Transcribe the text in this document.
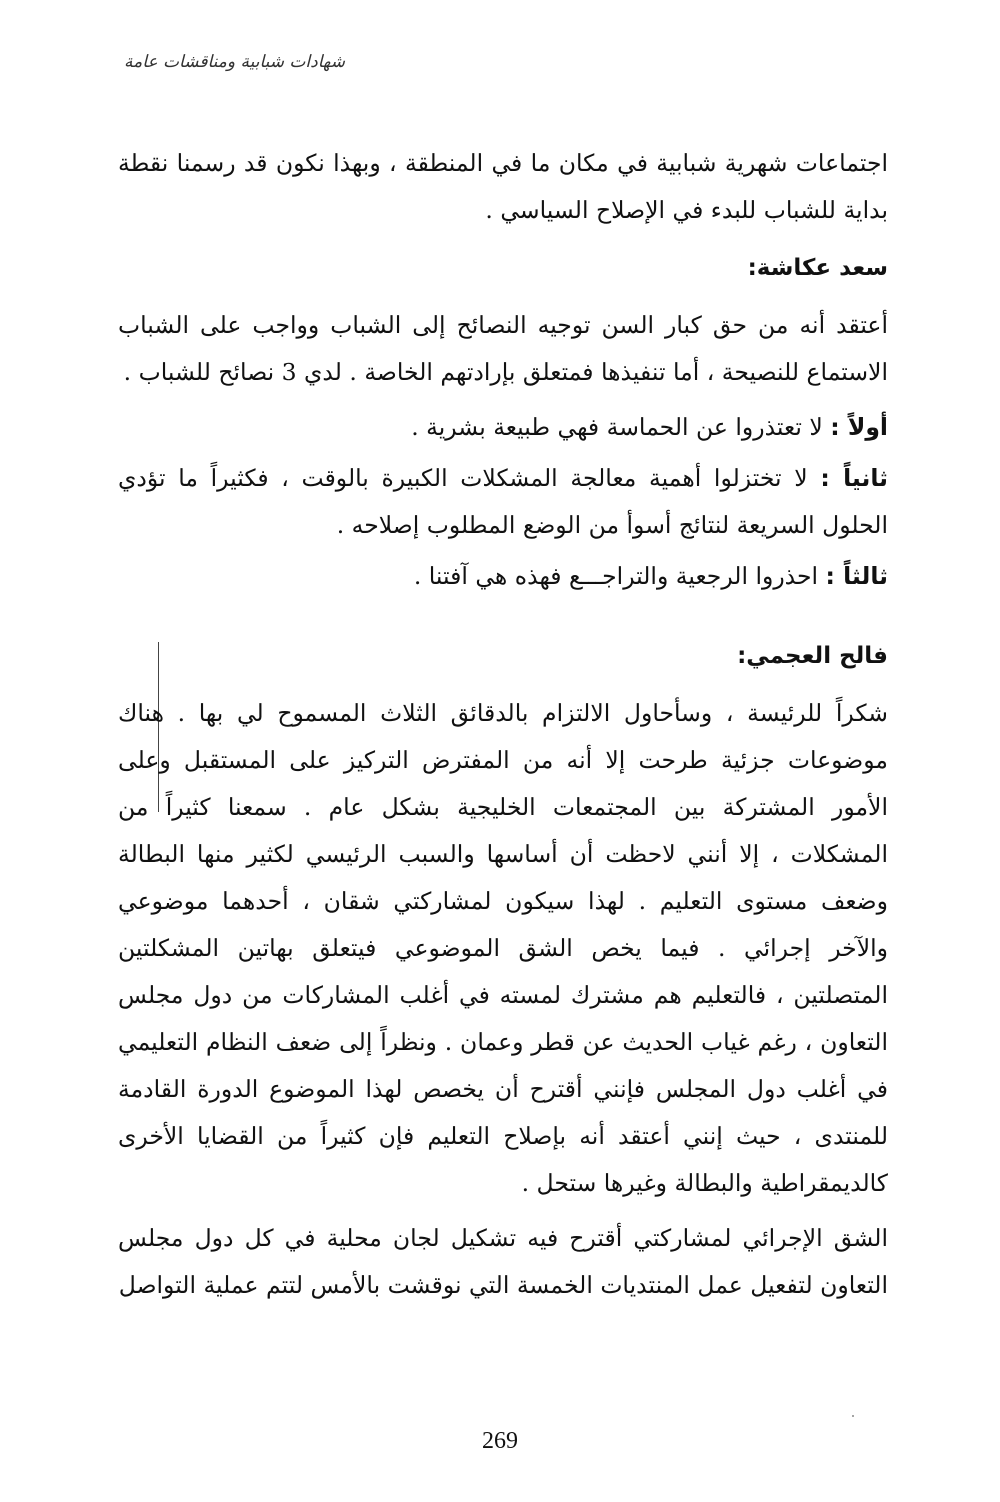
شهادات شبابية ومناقشات عامة

اجتماعات شهرية شبابية في مكان ما في المنطقة ، وبهذا نكون قد رسمنا نقطة بداية للشباب للبدء في الإصلاح السياسي .

سعد عكاشة:

أعتقد أنه من حق كبار السن توجيه النصائح إلى الشباب وواجب على الشباب الاستماع للنصيحة ، أما تنفيذها فمتعلق بإرادتهم الخاصة . لدي 3 نصائح للشباب .

أولاً : لا تعتذروا عن الحماسة فهي طبيعة بشرية .

ثانياً : لا تختزلوا أهمية معالجة المشكلات الكبيرة بالوقت ، فكثيراً ما تؤدي الحلول السريعة لنتائج أسوأ من الوضع المطلوب إصلاحه .

ثالثاً : احذروا الرجعية والتراجـــع فهذه هي آفتنا .

فالح العجمي:

شكراً للرئيسة ، وسأحاول الالتزام بالدقائق الثلاث المسموح لي بها . هناك موضوعات جزئية طرحت إلا أنه من المفترض التركيز على المستقبل وعلى الأمور المشتركة بين المجتمعات الخليجية بشكل عام . سمعنا كثيراً من المشكلات ، إلا أنني لاحظت أن أساسها والسبب الرئيسي لكثير منها البطالة وضعف مستوى التعليم . لهذا سيكون لمشاركتي شقان ، أحدهما موضوعي والآخر إجرائي . فيما يخص الشق الموضوعي فيتعلق بهاتين المشكلتين المتصلتين ، فالتعليم هم مشترك لمسته في أغلب المشاركات من دول مجلس التعاون ، رغم غياب الحديث عن قطر وعمان . ونظراً إلى ضعف النظام التعليمي في أغلب دول المجلس فإنني أقترح أن يخصص لهذا الموضوع الدورة القادمة للمنتدى ، حيث إنني أعتقد أنه بإصلاح التعليم فإن كثيراً من القضايا الأخرى كالديمقراطية والبطالة وغيرها ستحل .

الشق الإجرائي لمشاركتي أقترح فيه تشكيل لجان محلية في كل دول مجلس التعاون لتفعيل عمل المنتديات الخمسة التي نوقشت بالأمس لتتم عملية التواصل

269
